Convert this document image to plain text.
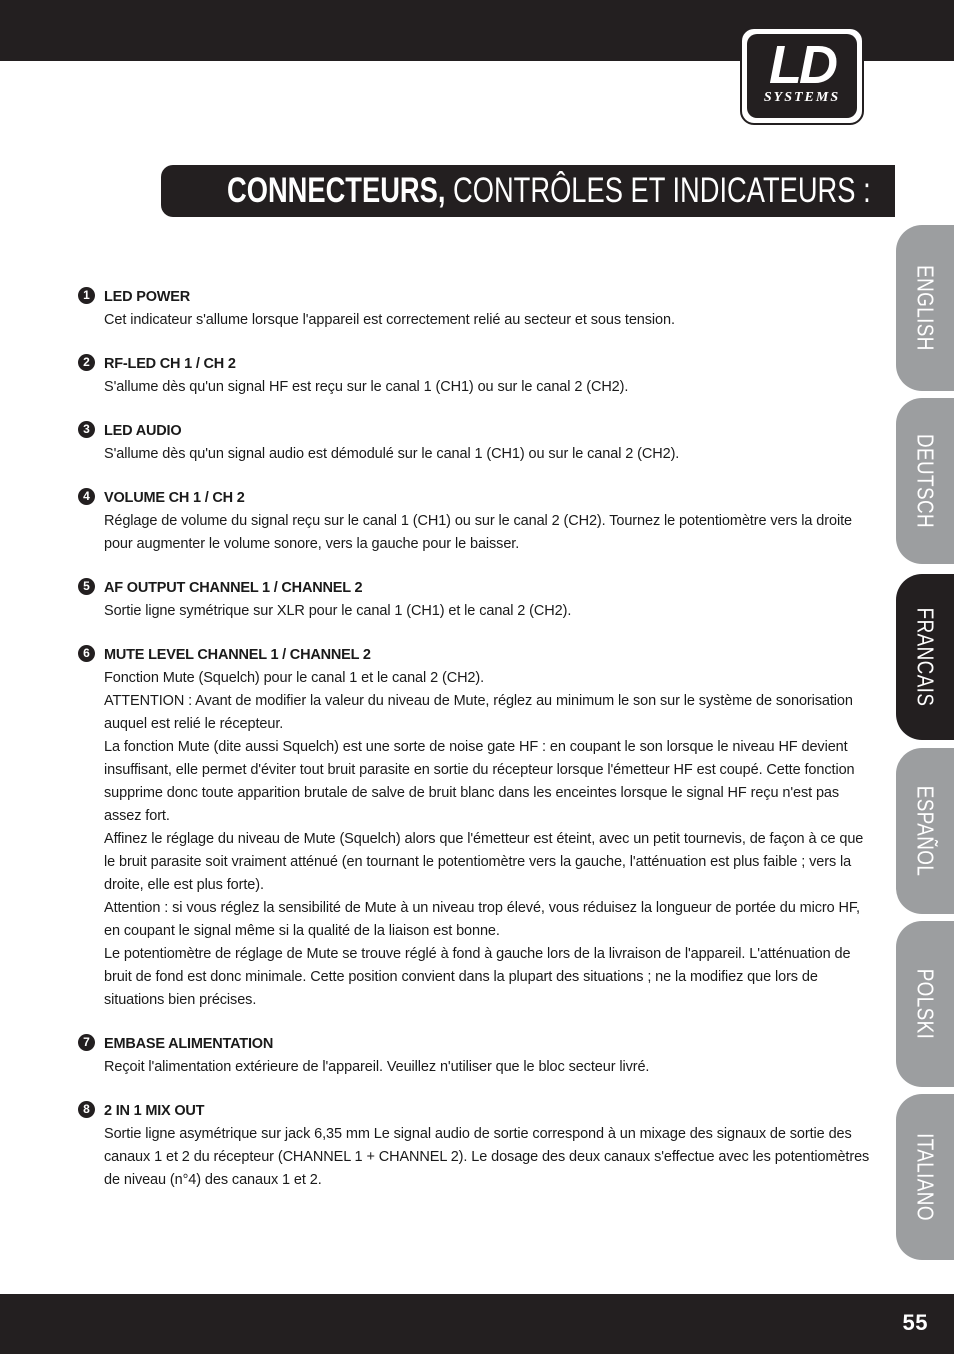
LD
SYSTEMS
CONNECTEURS, CONTRÔLES ET INDICATEURS :
ENGLISH
DEUTSCH
FRANCAIS
ESPAÑOL
POLSKI
ITALIANO
1 LED POWER

Cet indicateur s'allume lorsque l'appareil est correctement relié au secteur et sous tension.

2 RF-LED CH 1 / CH 2

S'allume dès qu'un signal HF est reçu sur le canal 1 (CH1) ou sur le canal 2 (CH2).

3 LED AUDIO

S'allume dès qu'un signal audio est démodulé sur le canal 1 (CH1) ou sur le canal 2 (CH2).

4 VOLUME CH 1 / CH 2

Réglage de volume du signal reçu sur le canal 1 (CH1) ou sur le canal 2 (CH2). Tournez le potentiomètre vers la droite pour augmenter le volume sonore, vers la gauche pour le baisser.

5 AF OUTPUT CHANNEL 1 / CHANNEL 2

Sortie ligne symétrique sur XLR pour le canal 1 (CH1) et le canal 2 (CH2).

6 MUTE LEVEL CHANNEL 1 / CHANNEL 2

Fonction Mute (Squelch) pour le canal 1 et le canal 2 (CH2).

ATTENTION : Avant de modifier la valeur du niveau de Mute, réglez au minimum le son sur le système de sonorisation auquel est relié le récepteur.

La fonction Mute (dite aussi Squelch) est une sorte de noise gate HF : en coupant le son lorsque le niveau HF devient insuffisant, elle permet d'éviter tout bruit parasite en sortie du récepteur lorsque l'émetteur HF est coupé. Cette fonction supprime donc toute apparition brutale de salve de bruit blanc dans les enceintes lorsque le signal HF reçu n'est pas assez fort.

Affinez le réglage du niveau de Mute (Squelch) alors que l'émetteur est éteint, avec un petit tournevis, de façon à ce que le bruit parasite soit vraiment atténué (en tournant le potentiomètre vers la gauche, l'atténuation est plus faible ; vers la droite, elle est plus forte).

Attention : si vous réglez la sensibilité de Mute à un niveau trop élevé, vous réduisez la longueur de portée du micro HF, en coupant le signal même si la qualité de la liaison est bonne.

Le potentiomètre de réglage de Mute se trouve réglé à fond à gauche lors de la livraison de l'appareil. L'atténuation de bruit de fond est donc minimale. Cette position convient dans la plupart des situations ; ne la modifiez que lors de situations bien précises.

7 EMBASE ALIMENTATION

Reçoit l'alimentation extérieure de l'appareil. Veuillez n'utiliser que le bloc secteur livré.

8 2 IN 1 MIX OUT

Sortie ligne asymétrique sur jack 6,35 mm Le signal audio de sortie correspond à un mixage des signaux de sortie des canaux 1 et 2 du récepteur (CHANNEL 1 + CHANNEL 2). Le dosage des deux canaux s'effectue avec les potentiomètres de niveau (n°4) des canaux 1 et 2.

55
